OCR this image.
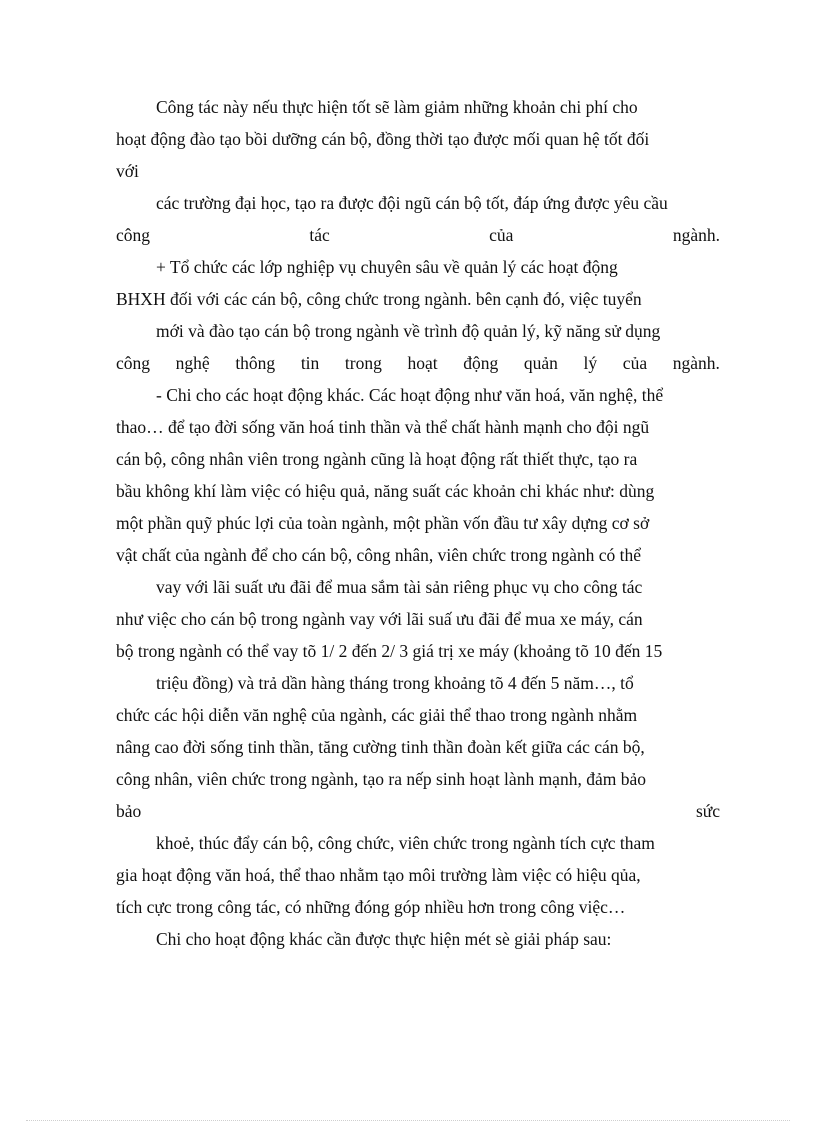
Công tác này nếu thực hiện tốt sẽ làm giảm những khoản chi phí cho
hoạt động đào tạo bồi dưỡng cán bộ, đồng thời tạo được mối quan hệ tốt đối
với
các trường đại học, tạo ra được đội ngũ cán bộ tốt, đáp ứng được yêu cầu
công	tác	của	ngành.
+ Tổ chức các lớp nghiệp vụ chuyên sâu về quản lý các hoạt động
BHXH đối với các cán bộ, công chức trong ngành. bên cạnh đó, việc tuyển
mới và đào tạo cán bộ trong ngành về trình độ quản lý, kỹ năng sử dụng
công nghệ thông tin trong hoạt động quản lý của ngành.
- Chi cho các hoạt động khác. Các hoạt động như văn hoá, văn nghệ, thể
thao… để tạo đời sống văn hoá tinh thần và thể chất hành mạnh cho đội ngũ
cán bộ, công nhân viên trong ngành cũng là hoạt động rất thiết thực, tạo ra
bầu không khí làm việc có hiệu quả, năng suất các khoản chi khác như: dùng
một phần quỹ phúc lợi của toàn ngành, một phần vốn đầu tư xây dựng cơ sở
vật chất của ngành để cho cán bộ, công nhân, viên chức trong ngành có thể
vay với lãi suất ưu đãi để mua sắm tài sản riêng phục vụ cho công tác
như việc cho cán bộ trong ngành vay với lãi suấ ưu đãi để mua xe máy, cán
bộ trong ngành có thể vay tõ 1/ 2 đến 2/ 3 giá trị xe máy (khoảng tõ 10 đến 15
triệu đồng) và trả dần hàng tháng trong khoảng tõ 4 đến 5 năm…, tổ
chức các hội diễn văn nghệ của ngành, các giải thể thao trong ngành nhằm
nâng cao đời sống tinh thần, tăng cường tinh thần đoàn kết giữa các cán bộ,
công nhân, viên chức trong ngành, tạo ra nếp sinh hoạt lành mạnh, đảm bảo
bảo	sức
khoẻ, thúc đẩy cán bộ, công chức, viên chức trong ngành tích cực tham
gia hoạt động văn hoá, thể thao nhằm tạo môi trường làm việc có hiệu qủa,
tích cực trong công tác, có những đóng góp nhiều hơn trong công việc…
Chi cho hoạt động khác cần được thực hiện mét sè giải pháp sau:
